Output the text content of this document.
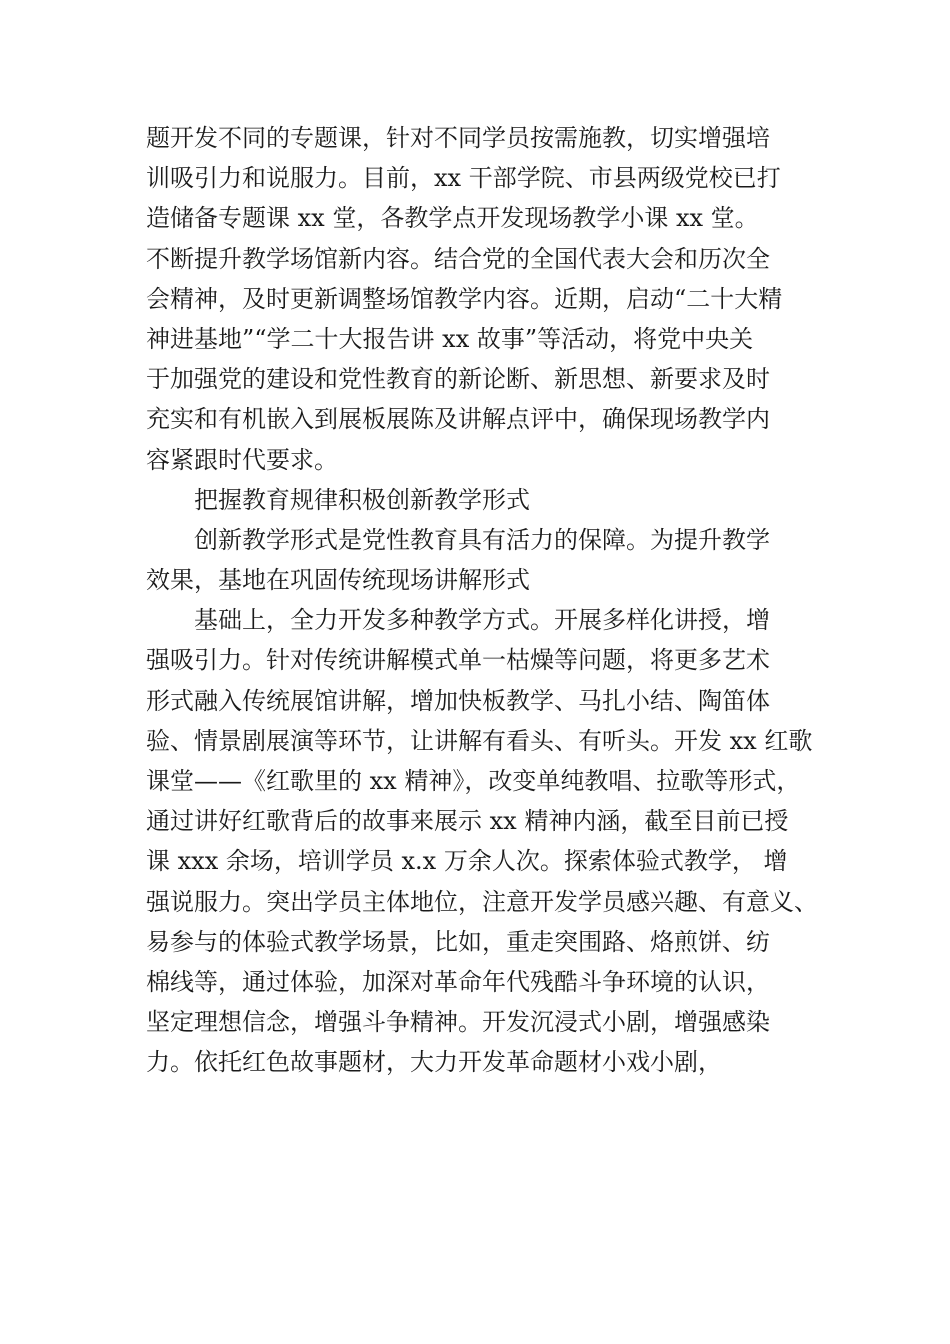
题开发不同的专题课，针对不同学员按需施教，切实增强培
训吸引力和说服力。目前，xx 干部学院、市县两级党校已打
造储备专题课 xx 堂，各教学点开发现场教学小课 xx 堂。
不断提升教学场馆新内容。结合党的全国代表大会和历次全
会精神，及时更新调整场馆教学内容。近期，启动“二十大精
神进基地”“学二十大报告讲 xx 故事”等活动，将党中央关
于加强党的建设和党性教育的新论断、新思想、新要求及时
充实和有机嵌入到展板展陈及讲解点评中，确保现场教学内
容紧跟时代要求。
把握教育规律积极创新教学形式
创新教学形式是党性教育具有活力的保障。为提升教学
效果，基地在巩固传统现场讲解形式
基础上，全力开发多种教学方式。开展多样化讲授，增
强吸引力。针对传统讲解模式单一枯燥等问题，将更多艺术
形式融入传统展馆讲解，增加快板教学、马扎小结、陶笛体
验、情景剧展演等环节，让讲解有看头、有听头。开发 xx 红歌
课堂——《红歌里的 xx 精神》，改变单纯教唱、拉歌等形式，
通过讲好红歌背后的故事来展示 xx 精神内涵，截至目前已授
课 xxx 余场，培训学员 x.x 万余人次。探索体验式教学， 增
强说服力。突出学员主体地位，注意开发学员感兴趣、有意义、
易参与的体验式教学场景，比如，重走突围路、烙煎饼、纺
棉线等，通过体验，加深对革命年代残酷斗争环境的认识，
坚定理想信念，增强斗争精神。开发沉浸式小剧，增强感染
力。依托红色故事题材，大力开发革命题材小戏小剧，
